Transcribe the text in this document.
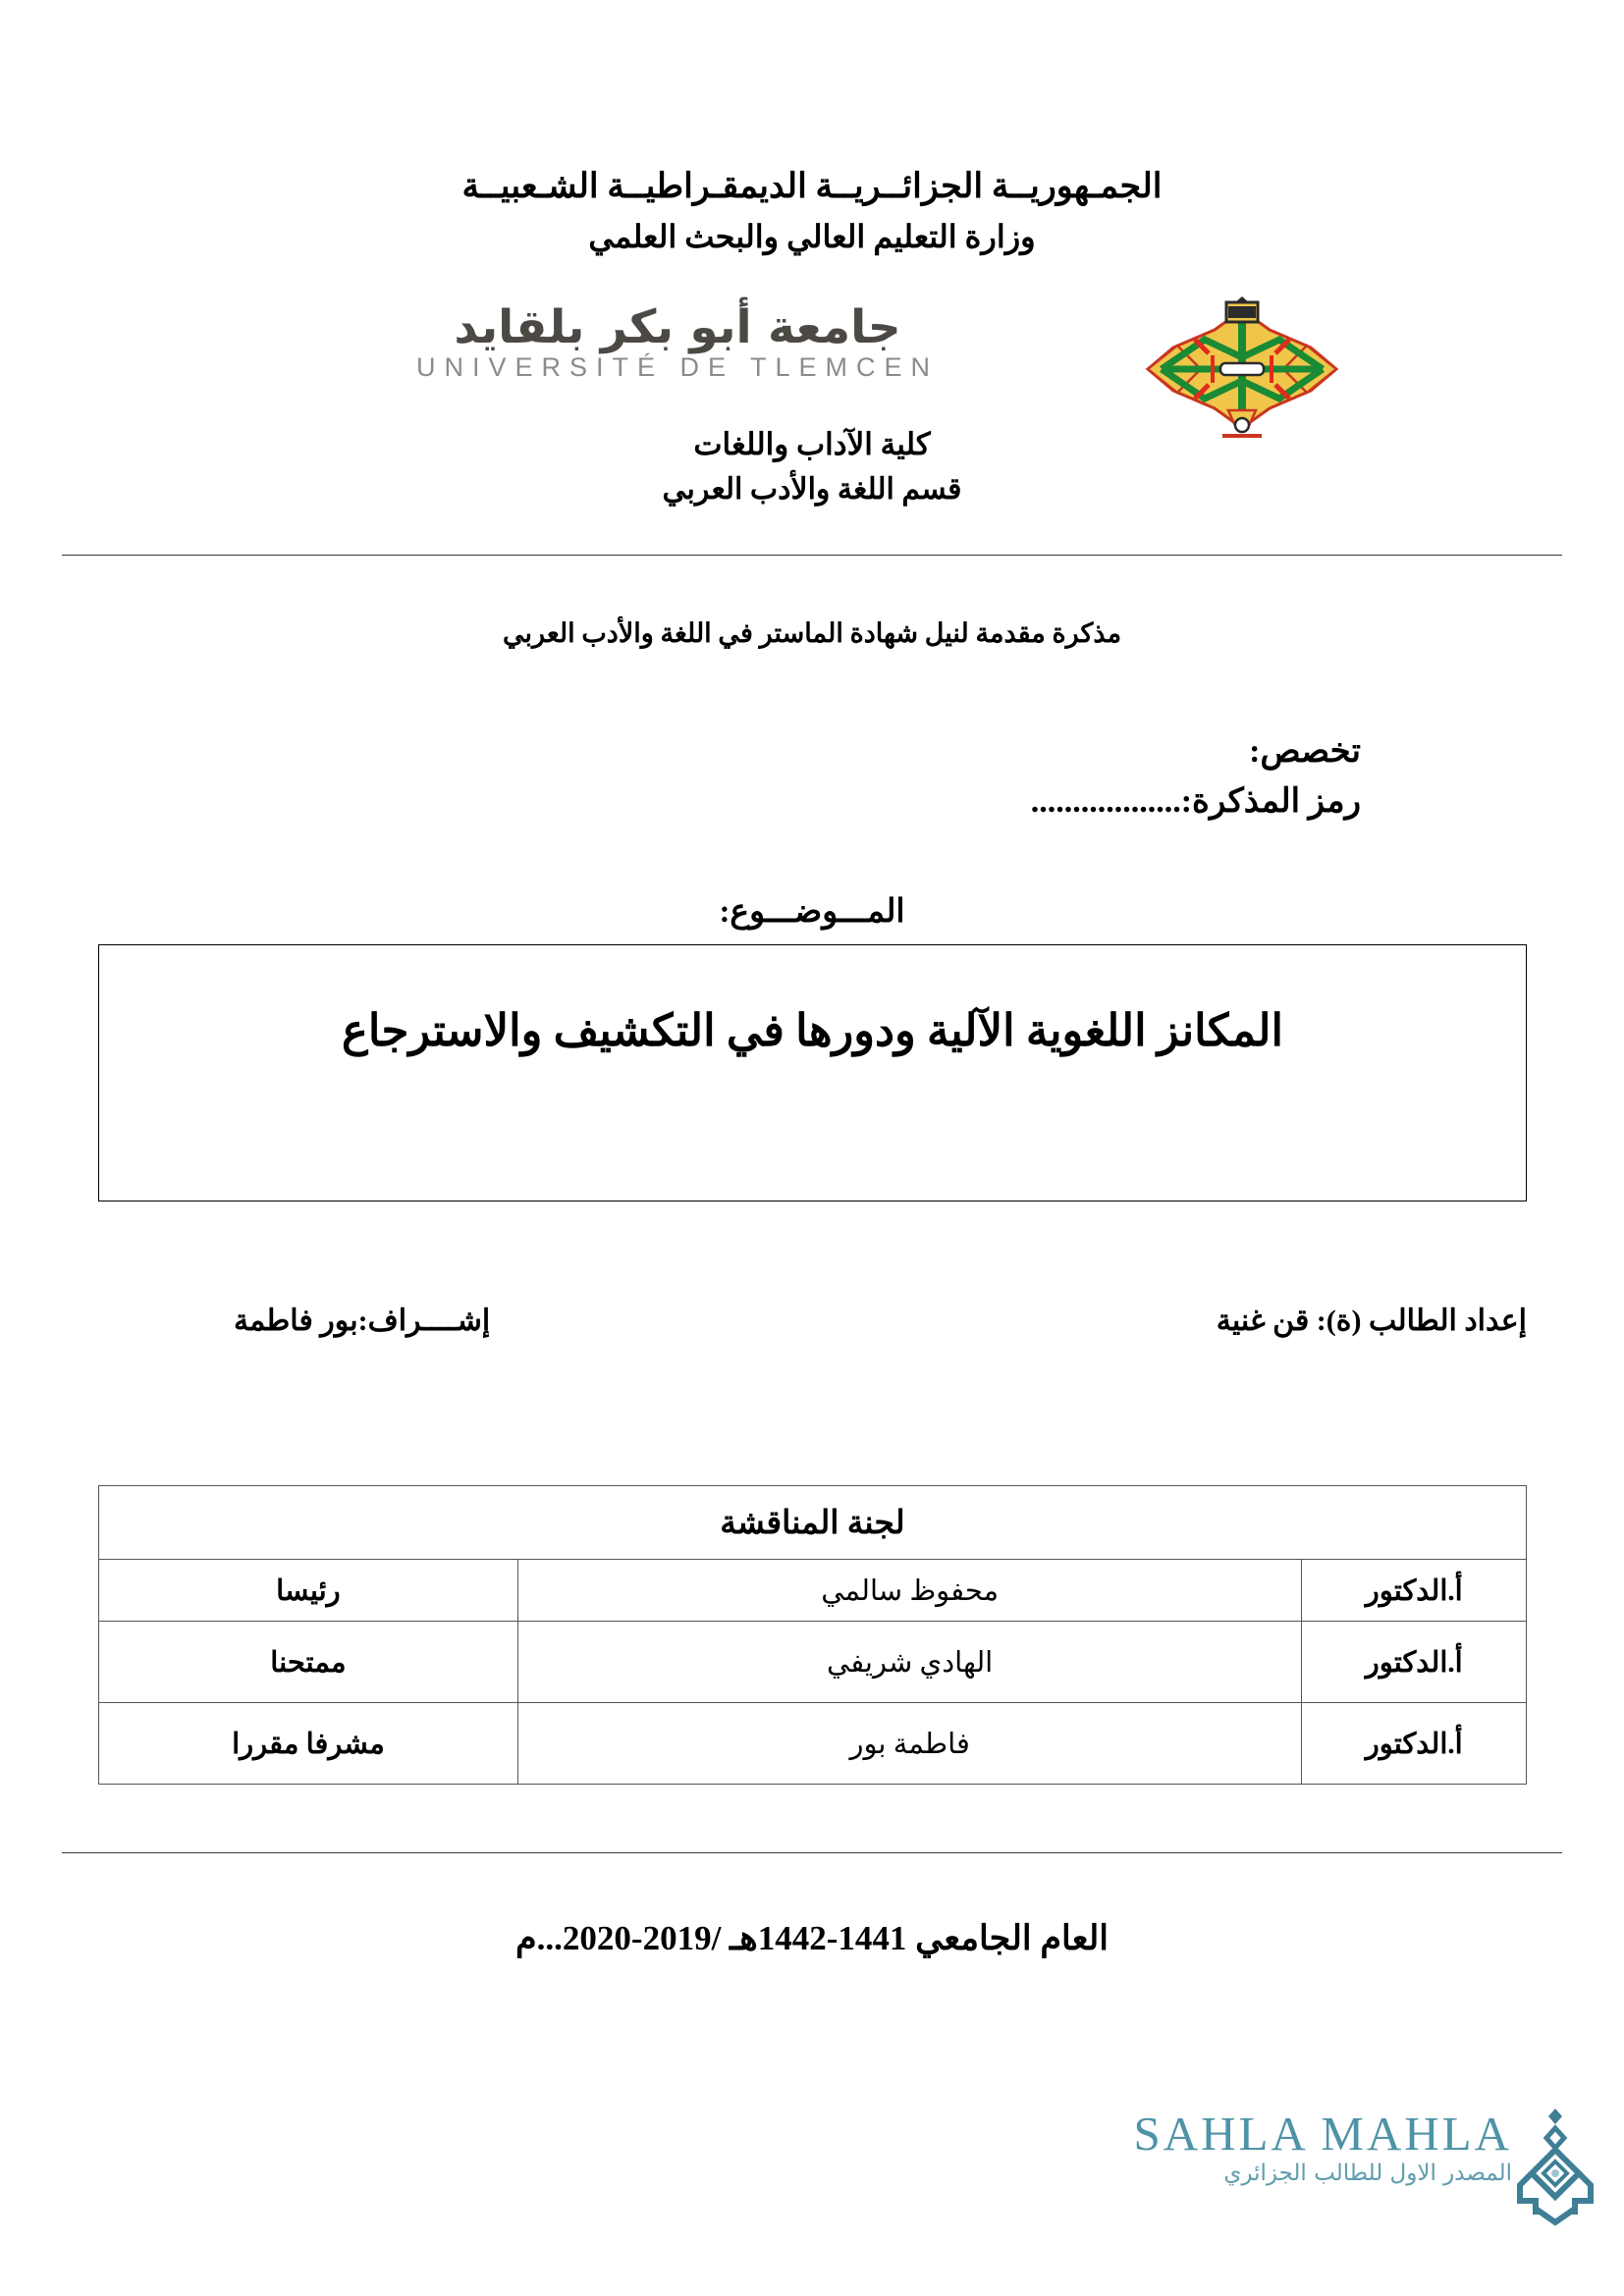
الجمـهوريــة الجزائــريــة الديمقـراطيــة الشـعبيــة
وزارة التعليم العالي والبحث العلمي
جامعة أبو بكر بلقايد
UNIVERSITÉ DE TLEMCEN
كلية الآداب واللغات
قسم اللغة والأدب العربي
مذكرة مقدمة لنيل شهادة الماستر في اللغة والأدب العربي
تخصص:
رمز المذكرة:..................
المـــوضـــوع:
المكانز اللغوية الآلية ودورها في التكشيف والاسترجاع
إعداد الطالب (ة): قن غنية
إشــــراف:بور فاطمة
لجنة المناقشة		
أ.الدكتور	محفوظ سالمي	رئيسا
أ.الدكتور	الهادي شريفي	ممتحنا
أ.الدكتور	فاطمة بور	مشرفا مقررا
العام الجامعي 1441-1442هـ /2019-2020...م
SAHLA MAHLA
المصدر الاول للطالب الجزائري
